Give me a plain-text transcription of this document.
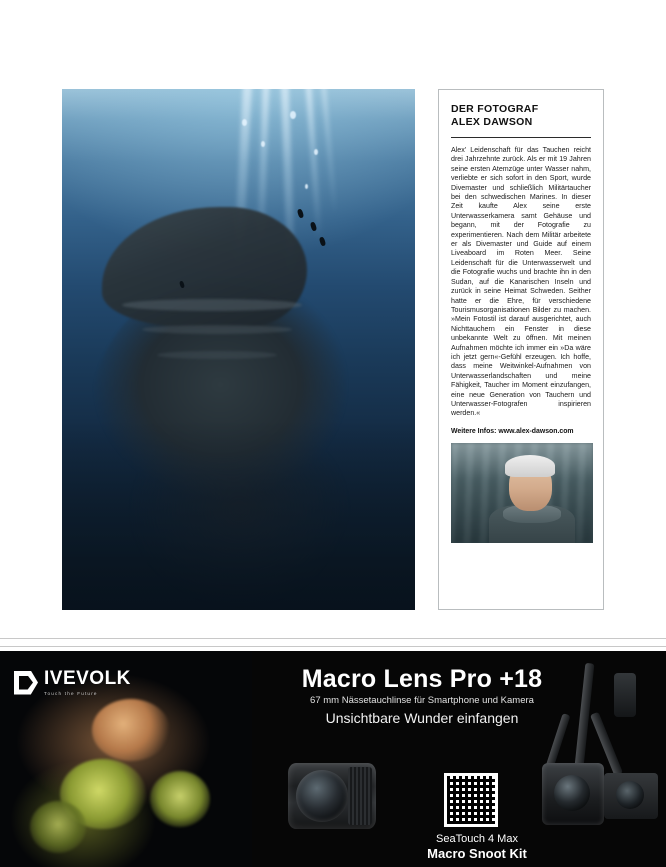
DER FOTOGRAF
ALEX DAWSON
Alex’ Leidenschaft für das Tauchen reicht drei Jahrzehnte zurück. Als er mit 19 Jahren seine ersten Atemzüge unter Wasser nahm, verliebte er sich sofort in den Sport, wurde Divemaster und schließlich Militärtaucher bei den schwedischen Marines. In dieser Zeit kaufte Alex seine erste Unterwasserkamera samt Gehäuse und begann, mit der Fotografie zu experimentieren. Nach dem Militär arbeitete er als Divemaster und Guide auf einem Liveaboard im Roten Meer. Seine Leidenschaft für die Unterwasserwelt und die Fotografie wuchs und brachte ihn in den Sudan, auf die Kanarischen Inseln und zurück in seine Heimat Schweden. Seither hatte er die Ehre, für verschiedene Tourismusorganisationen Bilder zu machen. »Mein Fotostil ist darauf ausgerichtet, auch Nichttauchern ein Fenster in diese unbekannte Welt zu öffnen. Mit meinen Aufnahmen möchte ich immer ein »Da wäre ich jetzt gern«-Gefühl erzeugen. Ich hoffe, dass meine Weitwinkel-Aufnahmen von Unterwasserlandschaften und meine Fähigkeit, Taucher im Moment einzufangen, eine neue Generation von Tauchern und Unterwasser-Fotografen inspirieren werden.«
Weitere Infos: www.alex-dawson.com
IVEVOLK
Touch the Future
Macro Lens Pro +18
67 mm Nässetauchlinse für Smartphone und Kamera
Unsichtbare Wunder einfangen
SeaTouch 4 Max
Macro Snoot Kit
